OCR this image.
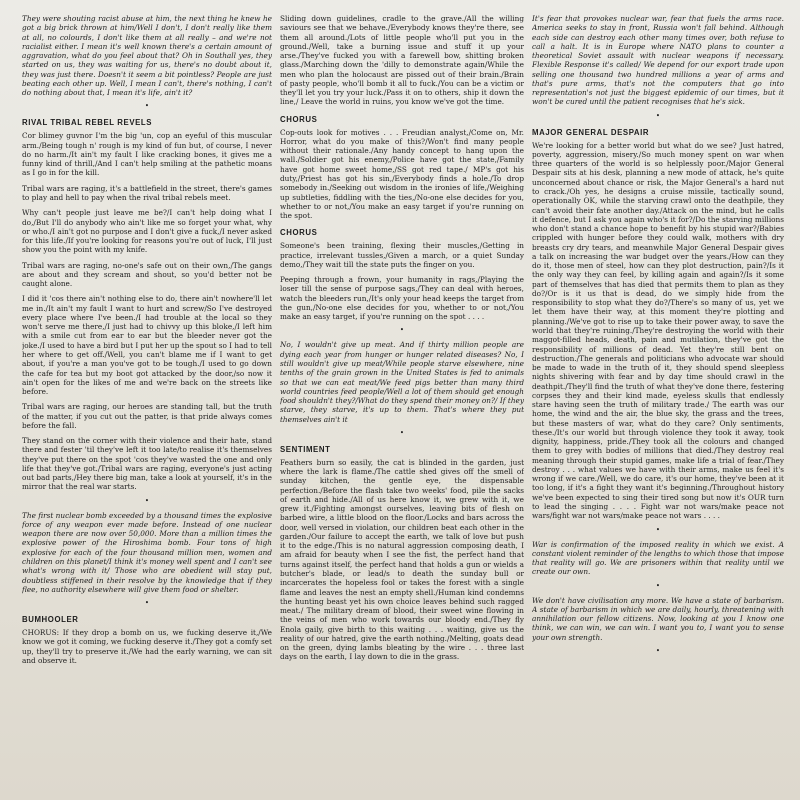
They were shouting racist abuse at him, the next thing he knew he got a big brick thrown at him/Well I don't, I don't really like them at all, no colourds, I don't like them at all really – and we're not racialist either. I mean it's well known there's a certain amount of aggravation, what do you feel about that? Oh in Southall yes, they started on us, they was waiting for us, there's no doubt about it, they was just there. Doesn't it seem a bit pointless? People are just beating each other up. Well, I mean I can't, there's nothing, I can't do nothing about that, I mean it's life, ain't it?

•
RIVAL TRIBAL REBEL REVELS

Cor blimey guvnor I'm the big 'un, cop an eyeful of this muscular arm./Being tough n' rough is my kind of fun but, of course, I never do no harm./It ain't my fault I like cracking bones, it gives me a funny kind of thrill,/And I can't help smiling at the pathetic moans as I go in for the kill.

Tribal wars are raging, it's a battlefield in the street, there's games to play and hell to pay when the rival tribal rebels meet.

Why can't people just leave me be?/I can't help doing what I do,/But I'll do anybody who ain't like me so forget your what, why or who./I ain't got no purpose and I don't give a fuck,/I never asked for this life./If you're looking for reasons you're out of luck, I'll just show you the point with my knife.

Tribal wars are raging, no-one's safe out on their own,/The gangs are about and they scream and shout, so you'd better not be caught alone.

I did it 'cos there ain't nothing else to do, there ain't nowhere'll let me in./It ain't my fault I want to hurt and screw/So I've destroyed every place where I've been./I had trouble at the local so they won't serve me there,/I just had to chivvy up this bloke,/I left him with a smile cut from ear to ear but the bleeder never got the joke./I used to have a bird but I put her up the spout so I had to tell her where to get off./Well, you can't blame me if I want to get about, if you're a man you've got to be tough./I used to go down the cafe for tea but my boot got attacked by the door,/so now it ain't open for the likes of me and we're back on the streets like before.

Tribal wars are raging, our heroes are standing tall, but the truth of the matter, if you cut out the patter, is that pride always comes before the fall.

They stand on the corner with their violence and their hate, stand there and fester 'til they've left it too late/to realise it's themselves they've put there on the spot 'cos they've wasted the one and only life that they've got./Tribal wars are raging, everyone's just acting out bad parts,/Hey there big man, take a look at yourself, it's in the mirror that the real war starts.

•

The first nuclear bomb exceeded by a thousand times the explosive force of any weapon ever made before. Instead of one nuclear weapon there are now over 50,000. More than a million times the explosive power of the Hiroshima bomb. Four tons of high explosive for each of the four thousand million men, women and children on this planet/I think it's money well spent and I can't see what's wrong with it/ Those who are obedient will stay put, doubtless stiffened in their resolve by the knowledge that if they flee, no authority elsewhere will give them food or shelter.

•
BUMHOOLER

CHORUS: If they drop a bomb on us, we fucking deserve it,/We know we got it coming, we fucking deserve it./They got a comfy set up, they'll try to preserve it./We had the early warning, we can sit and observe it.

Sliding down guidelines, cradle to the grave./All the willing saviours see that we behave./Everybody knows they're there, see them all around./Lots of little people who'll put you in the ground./Well, take a burning issue and stuff it up your arse./They've fucked you with a farewell bow, shitting broken glass./Marching down the 'dilly to demonstrate again/While the men who plan the holocaust are pissed out of their brain./Brain of pasty people, who'll bomb it all to fuck./You can be a victim or they'll let you try your luck./Pass it on to others, ship it down the line,/ Leave the world in ruins, you know we've got the time.

CHORUS

Cop-outs look for motives . . . Freudian analyst,/Come on, Mr. Horror, what do you make of this?/Won't find many people without their rationale./Any handy concept to hang upon the wall./Soldier got his enemy,/Police have got the state,/Family have got home sweet home,/SS got red tape./ MP's got his duty,/Priest has got his sin,/Everybody finds a hole./To drop somebody in./Seeking out wisdom in the ironies of life,/Weighing up subtleties, fiddling with the ties,/No-one else decides for you, whether to or not,/You make an easy target if you're running on the spot.

CHORUS

Someone's been training, flexing their muscles,/Getting in practice, irrelevant tussles,/Given a march, or a quiet Sunday demo,/They wait till the state puts the finger on you.

Peeping through a frown, your humanity in rags,/Playing the loser till the sense of purpose sags,/They can deal with heroes, watch the bleeders run,/It's only your head keeps the target from the gun,/No-one else decides for you, whether to or not,/You make an easy target, if you're running on the spot . . . .

•

No, I wouldn't give up meat. And if thirty million people are dying each year from hunger or hunger related diseases? No, I still wouldn't give up meat/While people starve elsewhere, nine tenths of the grain grown in the United States is fed to animals so that we can eat meat/We feed pigs better than many third world countries feed people/Well a lot of them should get enough food shouldn't they?/What do they spend their money on?/ If they starve, they starve, it's up to them. That's where they put themselves ain't it

•
SENTIMENT

Feathers burn so easily, the cat is blinded in the garden, just where the lark is flame./The cattle shed gives off the smell of sunday kitchen, the gentle eye, the dispensable perfection./Before the flash take two weeks' food, pile the sacks of earth and hide./All of us here know it, we grew with it, we grew it./Fighting amongst ourselves, leaving bits of flesh on barbed wire, a little blood on the floor./Locks and bars across the door, well versed in violation, our children beat each other in the garden./Our failure to accept the earth, we talk of love but push it to the edge./This is no natural aggression composing death, I am afraid for beauty when I see the fist, the perfect hand that turns against itself, the perfect hand that holds a gun or wields a butcher's blade, or lead/s to death the sunday bull or incarcerates the hopeless fool or takes the forest with a single flame and leaves the nest an empty shell./Human kind condemns the hunting beast yet his own choice leaves behind such ragged meat./ The military dream of blood, their sweet wine flowing in the veins of men who work towards our bloody end./They fly Enola gaily, give birth to this waiting . . . waiting, give us the reality of our hatred, give the earth nothing./Melting, goats dead on the green, dying lambs bleating by the wire . . . three last days on the earth, I lay down to die in the grass.

It's fear that provokes nuclear war, fear that fuels the arms race. America seeks to stay in front, Russia won't fall behind. Although each side can destroy each other many times over, both refuse to call a halt. It is in Europe where NATO plans to counter a theoretical Soviet assault with nuclear weapons if necessary. Flexible Response it's called/ We depend for our export trade upon selling one thousand two hundred millions a year of arms and that's pure arms, that's not the computers that go into representation's not just the biggest epidemic of our times, but it won't be cured until the patient recognises that he's sick.

•
MAJOR GENERAL DESPAIR

We're looking for a better world but what do we see? Just hatred, poverty, aggression, misery./So much money spent on war when three quarters of the world is so helplessly poor./Major General Despair sits at his desk, planning a new mode of attack, he's quite unconcerned about chance or risk, the Major General's a hard nut to crack./Oh yes, he designs a cruise missile, tactically sound, operationally OK, while the starving crawl onto the deathpile, they can't avoid their fate another day./Attack on the mind, but he calls it defence, but I ask you again who's it for?/Do the starving millions who don't stand a chance hope to benefit by his stupid war?/Babies crippled with hunger before they could walk, mothers with dry breasts cry dry tears, and meanwhile Major General Despair gives a talk on increasing the war budget over the years./How can they do it, those men of steel, how can they plot destruction, pain?/Is it the only way they can feel, by killing again and again?/Is it some part of themselves that has died that permits them to plan as they do?/Or is it us that is dead, do we simply hide from the responsibility to stop what they do?/There's so many of us, yet we let them have their way, at this moment they're plotting and planning./We've got to rise up to take their power away, to save the world that they're ruining./They're destroying the world with their maggot-filled heads, death, pain and mutilation, they've got the responsibility of millions of dead. Yet they're still bent on destruction./The generals and politicians who advocate war should be made to wade in the truth of it, they should spend sleepless nights shivering with fear and by day time should crawl in the deathpit./They'll find the truth of what they've done there, festering corpses they and their kind made, eyeless skulls that endlessly stare having seen the truth of military trade./ The earth was our home, the wind and the air, the blue sky, the grass and the trees, but these masters of war, what do they care? Only sentiments, these./It's our world but through violence they took it away, took dignity, happiness, pride./They took all the colours and changed them to grey with bodies of millions that died./They destroy real meaning through their stupid games, make life a trial of fear./They destroy . . . what values we have with their arms, make us feel it's wrong if we care./Well, we do care, it's our home, they've been at it too long, if it's a fight they want it's beginning./Throughout history we've been expected to sing their tired song but now it's OUR turn to lead the singing . . . . Fight war not wars/make peace not wars/fight war not wars/make peace not wars . . . .

•

War is confirmation of the imposed reality in which we exist. A constant violent reminder of the lengths to which those that impose that reality will go. We are prisoners within that reality until we create our own.

•

We don't have civilisation any more. We have a state of barbarism. A state of barbarism in which we are daily, hourly, threatening with annihilation our fellow citizens. Now, looking at you I know one think, we can win, we can win. I want you to, I want you to sense your own strength.

•
